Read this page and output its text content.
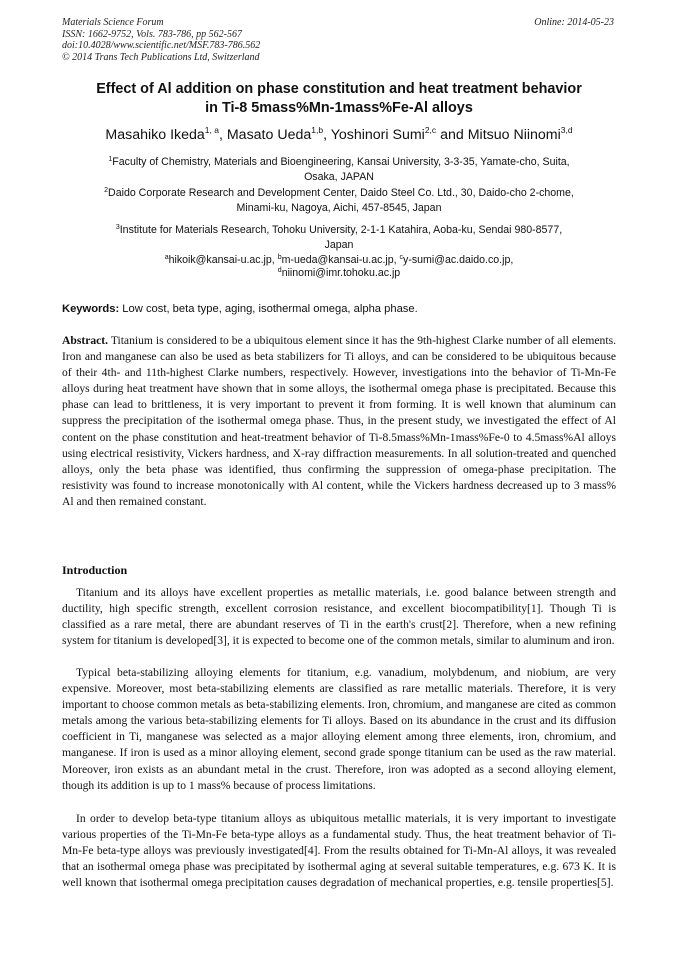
Materials Science Forum
ISSN: 1662-9752, Vols. 783-786, pp 562-567
doi:10.4028/www.scientific.net/MSF.783-786.562
© 2014 Trans Tech Publications Ltd, Switzerland
Online: 2014-05-23
Effect of Al addition on phase constitution and heat treatment behavior
in Ti-8 5mass%Mn-1mass%Fe-Al alloys
Masahiko Ikeda$^{1, a}$, Masato Ueda$^{1,b}$, Yoshinori Sumi$^{2,c}$ and Mitsuo Niinomi$^{3,d}$
$^1$Faculty of Chemistry, Materials and Bioengineering, Kansai University, 3-3-35, Yamate-cho, Suita,
Osaka, JAPAN
$^2$Daido Corporate Research and Development Center, Daido Steel Co. Ltd., 30, Daido-cho 2-chome,
Minami-ku, Nagoya, Aichi, 457-8545, Japan
$^3$Institute for Materials Research, Tohoku University, 2-1-1 Katahira, Aoba-ku, Sendai 980-8577,
Japan
$^a$hikoik@kansai-u.ac.jp, $^b$m-ueda@kansai-u.ac.jp, $^c$y-sumi@ac.daido.co.jp,
$^d$niinomi@imr.tohoku.ac.jp
Keywords: Low cost, beta type, aging, isothermal omega, alpha phase.
Abstract. Titanium is considered to be a ubiquitous element since it has the 9th-highest Clarke number of all elements. Iron and manganese can also be used as beta stabilizers for Ti alloys, and can be considered to be ubiquitous because of their 4th- and 11th-highest Clarke numbers, respectively. However, investigations into the behavior of Ti-Mn-Fe alloys during heat treatment have shown that in some alloys, the isothermal omega phase is precipitated. Because this phase can lead to brittleness, it is very important to prevent it from forming. It is well known that aluminum can suppress the precipitation of the isothermal omega phase. Thus, in the present study, we investigated the effect of Al content on the phase constitution and heat-treatment behavior of Ti-8.5mass%Mn-1mass%Fe-0 to 4.5mass%Al alloys using electrical resistivity, Vickers hardness, and X-ray diffraction measurements. In all solution-treated and quenched alloys, only the beta phase was identified, thus confirming the suppression of omega-phase precipitation. The resistivity was found to increase monotonically with Al content, while the Vickers hardness decreased up to 3 mass% Al and then remained constant.
Introduction

Titanium and its alloys have excellent properties as metallic materials, i.e. good balance between strength and ductility, high specific strength, excellent corrosion resistance, and excellent biocompatibility[1]. Though Ti is classified as a rare metal, there are abundant reserves of Ti in the earth's crust[2]. Therefore, when a new refining system for titanium is developed[3], it is expected to become one of the common metals, similar to aluminum and iron.

Typical beta-stabilizing alloying elements for titanium, e.g. vanadium, molybdenum, and niobium, are very expensive. Moreover, most beta-stabilizing elements are classified as rare metallic materials. Therefore, it is very important to choose common metals as beta-stabilizing elements. Iron, chromium, and manganese are cited as common metals among the various beta-stabilizing elements for Ti alloys. Based on its abundance in the crust and its diffusion coefficient in Ti, manganese was selected as a major alloying element among three elements, iron, chromium, and manganese. If iron is used as a minor alloying element, second grade sponge titanium can be used as the raw material. Moreover, iron exists as an abundant metal in the crust. Therefore, iron was adopted as a second alloying element, though its addition is up to 1 mass% because of process limitations.

In order to develop beta-type titanium alloys as ubiquitous metallic materials, it is very important to investigate various properties of the Ti-Mn-Fe beta-type alloys as a fundamental study. Thus, the heat treatment behavior of Ti-Mn-Fe beta-type alloys was previously investigated[4]. From the results obtained for Ti-Mn-Al alloys, it was revealed that an isothermal omega phase was precipitated by isothermal aging at several suitable temperatures, e.g. 673 K. It is well known that isothermal omega precipitation causes degradation of mechanical properties, e.g. tensile properties[5].
